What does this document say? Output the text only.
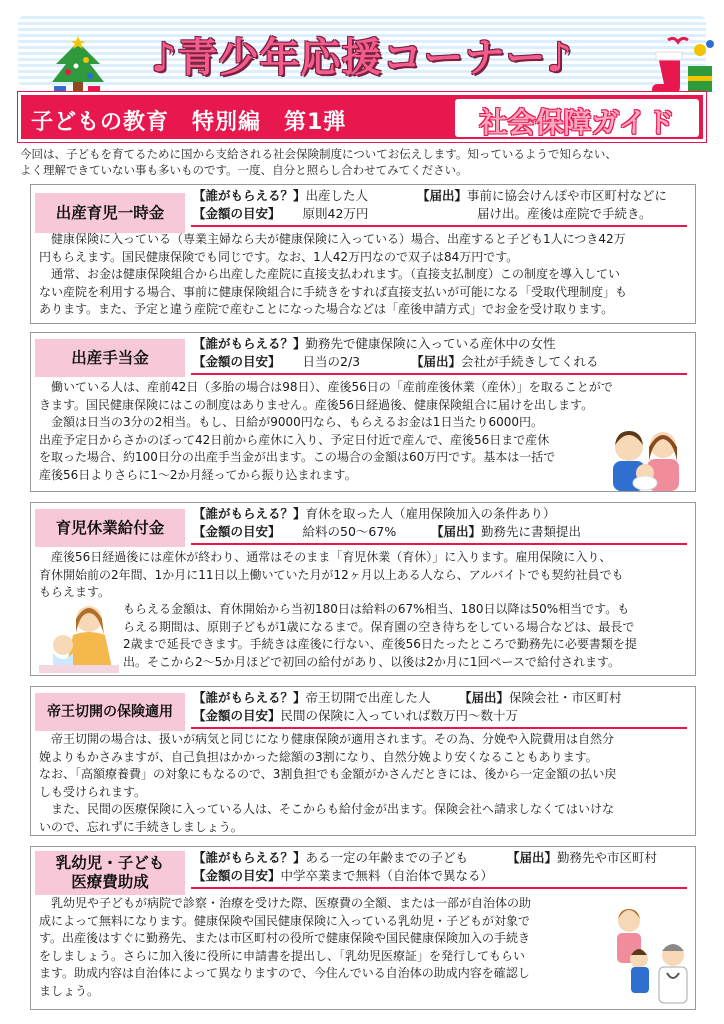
♪青少年応援コーナー♪
子どもの教育　特別編　第1弾	社会保障ガイド
今回は、子どもを育てるために国から支給される社会保険制度についてお伝えします。知っているようで知らない、
よく理解できていない事も多いものです。一度、自分と照らし合わせてみてください。
出産育児一時金
【誰がもらえる？】出産した人
【金額の目安】 原則42万円
【届出】事前に協会けんぽや市区町村などに
届け出。産後は産院で手続き。

　健康保険に入っている（専業主婦なら夫が健康保険に入っている）場合、出産すると子ども1人につき42万

円もらえます。国民健康保険でも同じです。なお、1人42万円なので双子は84万円です。

　通常、お金は健康保険組合から出産した産院に直接支払われます。（直接支払制度）この制度を導入してい

ない産院を利用する場合、事前に健康保険組合に手続きをすれば直接支払いが可能になる「受取代理制度」も

あります。また、予定と違う産院で産むことになった場合などは「産後申請方式」でお金を受け取ります。

出産手当金
【誰がもらえる？】勤務先で健康保険に入っている産休中の女性
【金額の目安】 日当の2/3	【届出】会社が手続きしてくれる

　働いている人は、産前42日（多胎の場合は98日）、産後56日の「産前産後休業（産休）」を取ることがで

きます。国民健康保険にはこの制度はありません。産後56日経過後、健康保険組合に届けを出します。

　金額は日当の3分の2相当。もし、日給が9000円なら、もらえるお金は1日当たり6000円。

出産予定日からさかのぼって42日前から産休に入り、予定日付近で産んで、産後56日まで産休

を取った場合、約100日分の出産手当金が出ます。この場合の金額は60万円です。基本は一括で

産後56日よりさらに1～2か月経ってから振り込まれます。

育児休業給付金
【誰がもらえる？】育休を取った人（雇用保険加入の条件あり）
【金額の目安】 給料の50～67%	【届出】勤務先に書類提出

　産後56日経過後には産休が終わり、通常はそのまま「育児休業（育休）」に入ります。雇用保険に入り、

育休開始前の2年間、1か月に11日以上働いていた月が12ヶ月以上ある人なら、アルバイトでも契約社員でも

もらえます。

もらえる金額は、育休開始から当初180日は給料の67%相当、180日以降は50%相当です。も

らえる期間は、原則子どもが1歳になるまで。保育園の空き待ちをしている場合などは、最長で

2歳まで延長できます。手続きは産後に行ない、産後56日たったところで勤務先に必要書類を提

出。そこから2～5か月ほどで初回の給付があり、以後は2か月に1回ペースで給付されます。

帝王切開の保険適用
【誰がもらえる？】帝王切開で出産した人
【金額の目安】民間の保険に入っていれば数万円～数十万
【届出】保険会社・市区町村

　帝王切開の場合は、扱いが病気と同じになり健康保険が適用されます。その為、分娩や入院費用は自然分

娩よりもかさみますが、自己負担はかかった総額の3割になり、自然分娩より安くなることもあります。

なお、「高額療養費」の対象にもなるので、3割負担でも金額がかさんだときには、後から一定金額の払い戻

しも受けられます。

　また、民間の医療保険に入っている人は、そこからも給付金が出ます。保険会社へ請求しなくてはいけな

いので、忘れずに手続きしましょう。

乳幼児・子ども
医療費助成
【誰がもらえる？】ある一定の年齢までの子ども
【金額の目安】中学卒業まで無料（自治体で異なる）
【届出】勤務先や市区町村

　乳幼児や子どもが病院で診察・治療を受けた際、医療費の全額、または一部が自治体の助

成によって無料になります。健康保険や国民健康保険に入っている乳幼児・子どもが対象で

す。出産後はすぐに勤務先、または市区町村の役所で健康保険や国民健康保険加入の手続き

をしましょう。さらに加入後に役所に申請書を提出し、「乳幼児医療証」を発行してもらい

ます。助成内容は自治体によって異なりますので、今住んでいる自治体の助成内容を確認し

ましょう。
